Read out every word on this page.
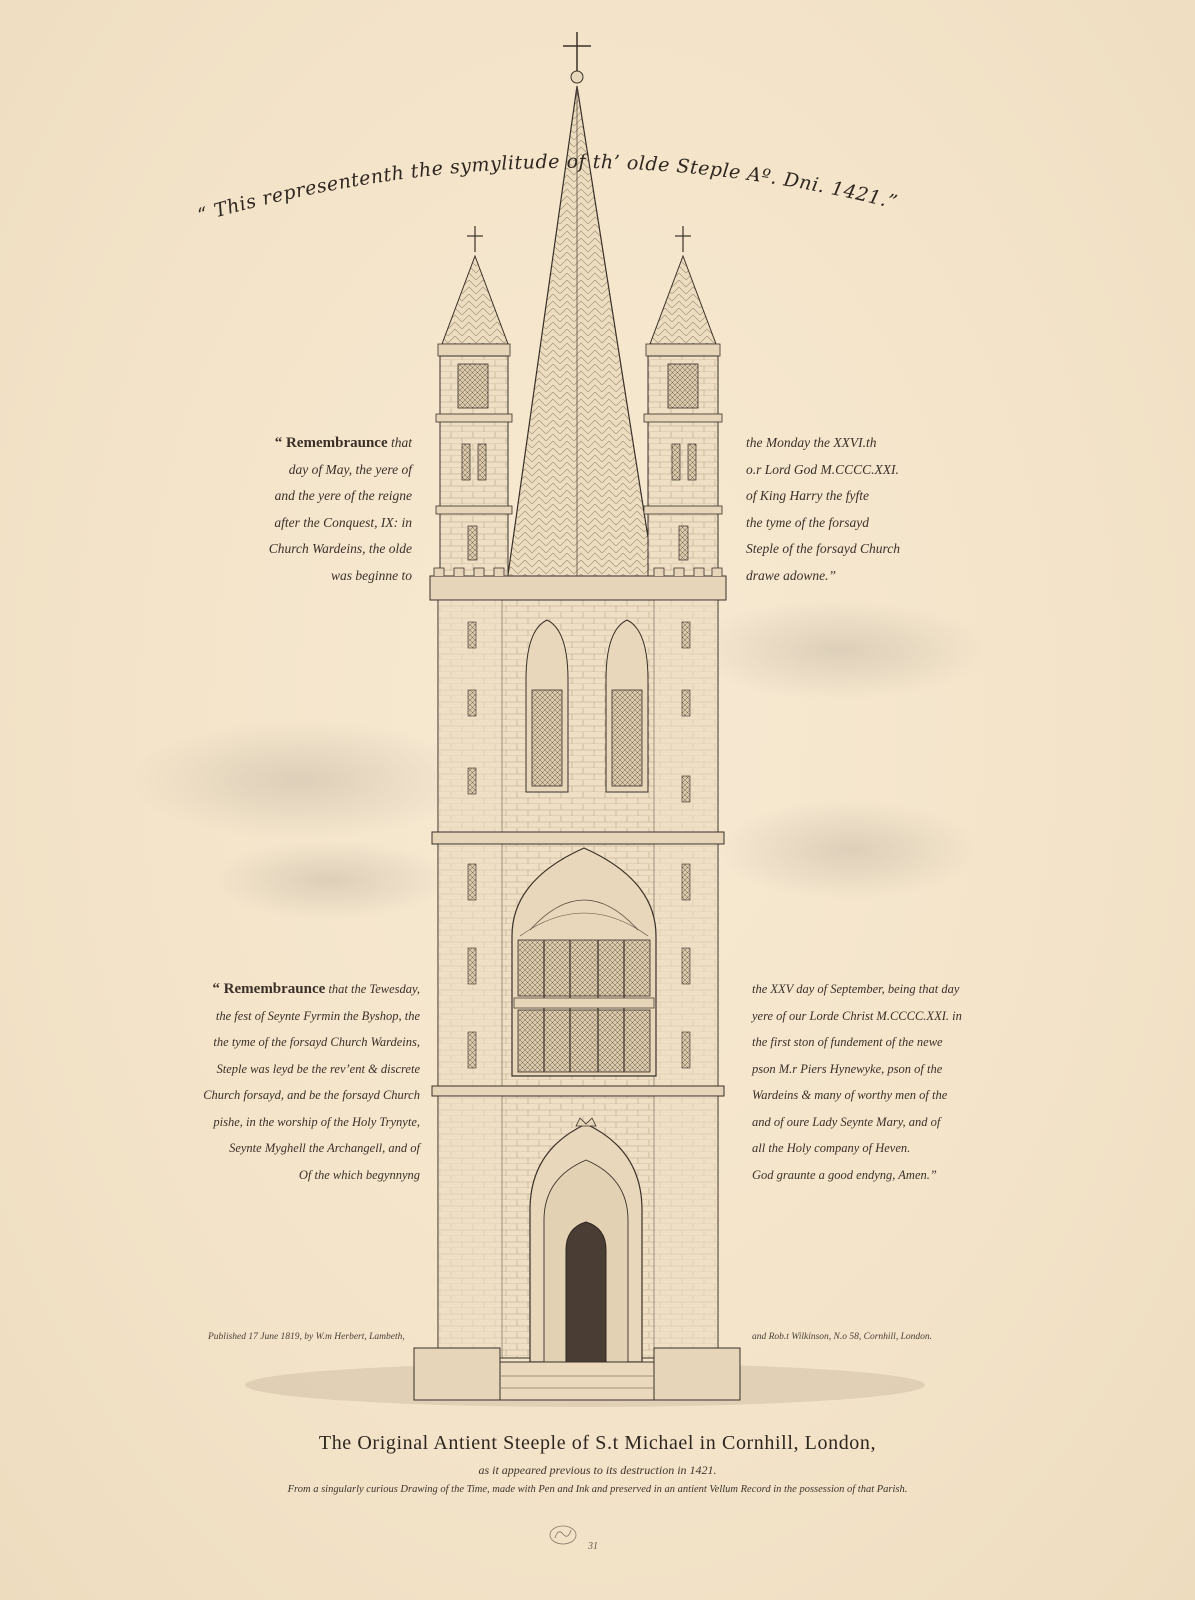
“ This represententh the symylitude of th’ olde Steple Aº. Dni. 1421.”
“ Remembraunce that
day of May, the yere of
and the yere of the reigne
after the Conquest, IX: in
Church Wardeins, the olde
was beginne to
the Monday the XXVI.th
o.r Lord God M.CCCC.XXI.
of King Harry the fyfte
the tyme of the forsayd
Steple of the forsayd Church
drawe adowne.”
“ Remembraunce that the Tewesday,
the fest of Seynte Fyrmin the Byshop, the
the tyme of the forsayd Church Wardeins,
Steple was leyd be the rev’ent & discrete
Church forsayd, and be the forsayd Church
pishe, in the worship of the Holy Trynyte,
Seynte Myghell the Archangell, and of
Of the which begynnyng
the XXV day of September, being that day
yere of our Lorde Christ M.CCCC.XXI. in
the first ston of fundement of the newe
pson M.r Piers Hynewyke, pson of the
Wardeins & many of worthy men of the
and of oure Lady Seynte Mary, and of
all the Holy company of Heven.
God graunte a good endyng, Amen.”
Published 17 June 1819, by W.m Herbert, Lambeth,	and Rob.t Wilkinson, N.o 58, Cornhill, London.
The Original Antient Steeple of S.t Michael in Cornhill, London,
as it appeared previous to its destruction in 1421.
From a singularly curious Drawing of the Time, made with Pen and Ink and preserved in an antient Vellum Record in the possession of that Parish.
31
